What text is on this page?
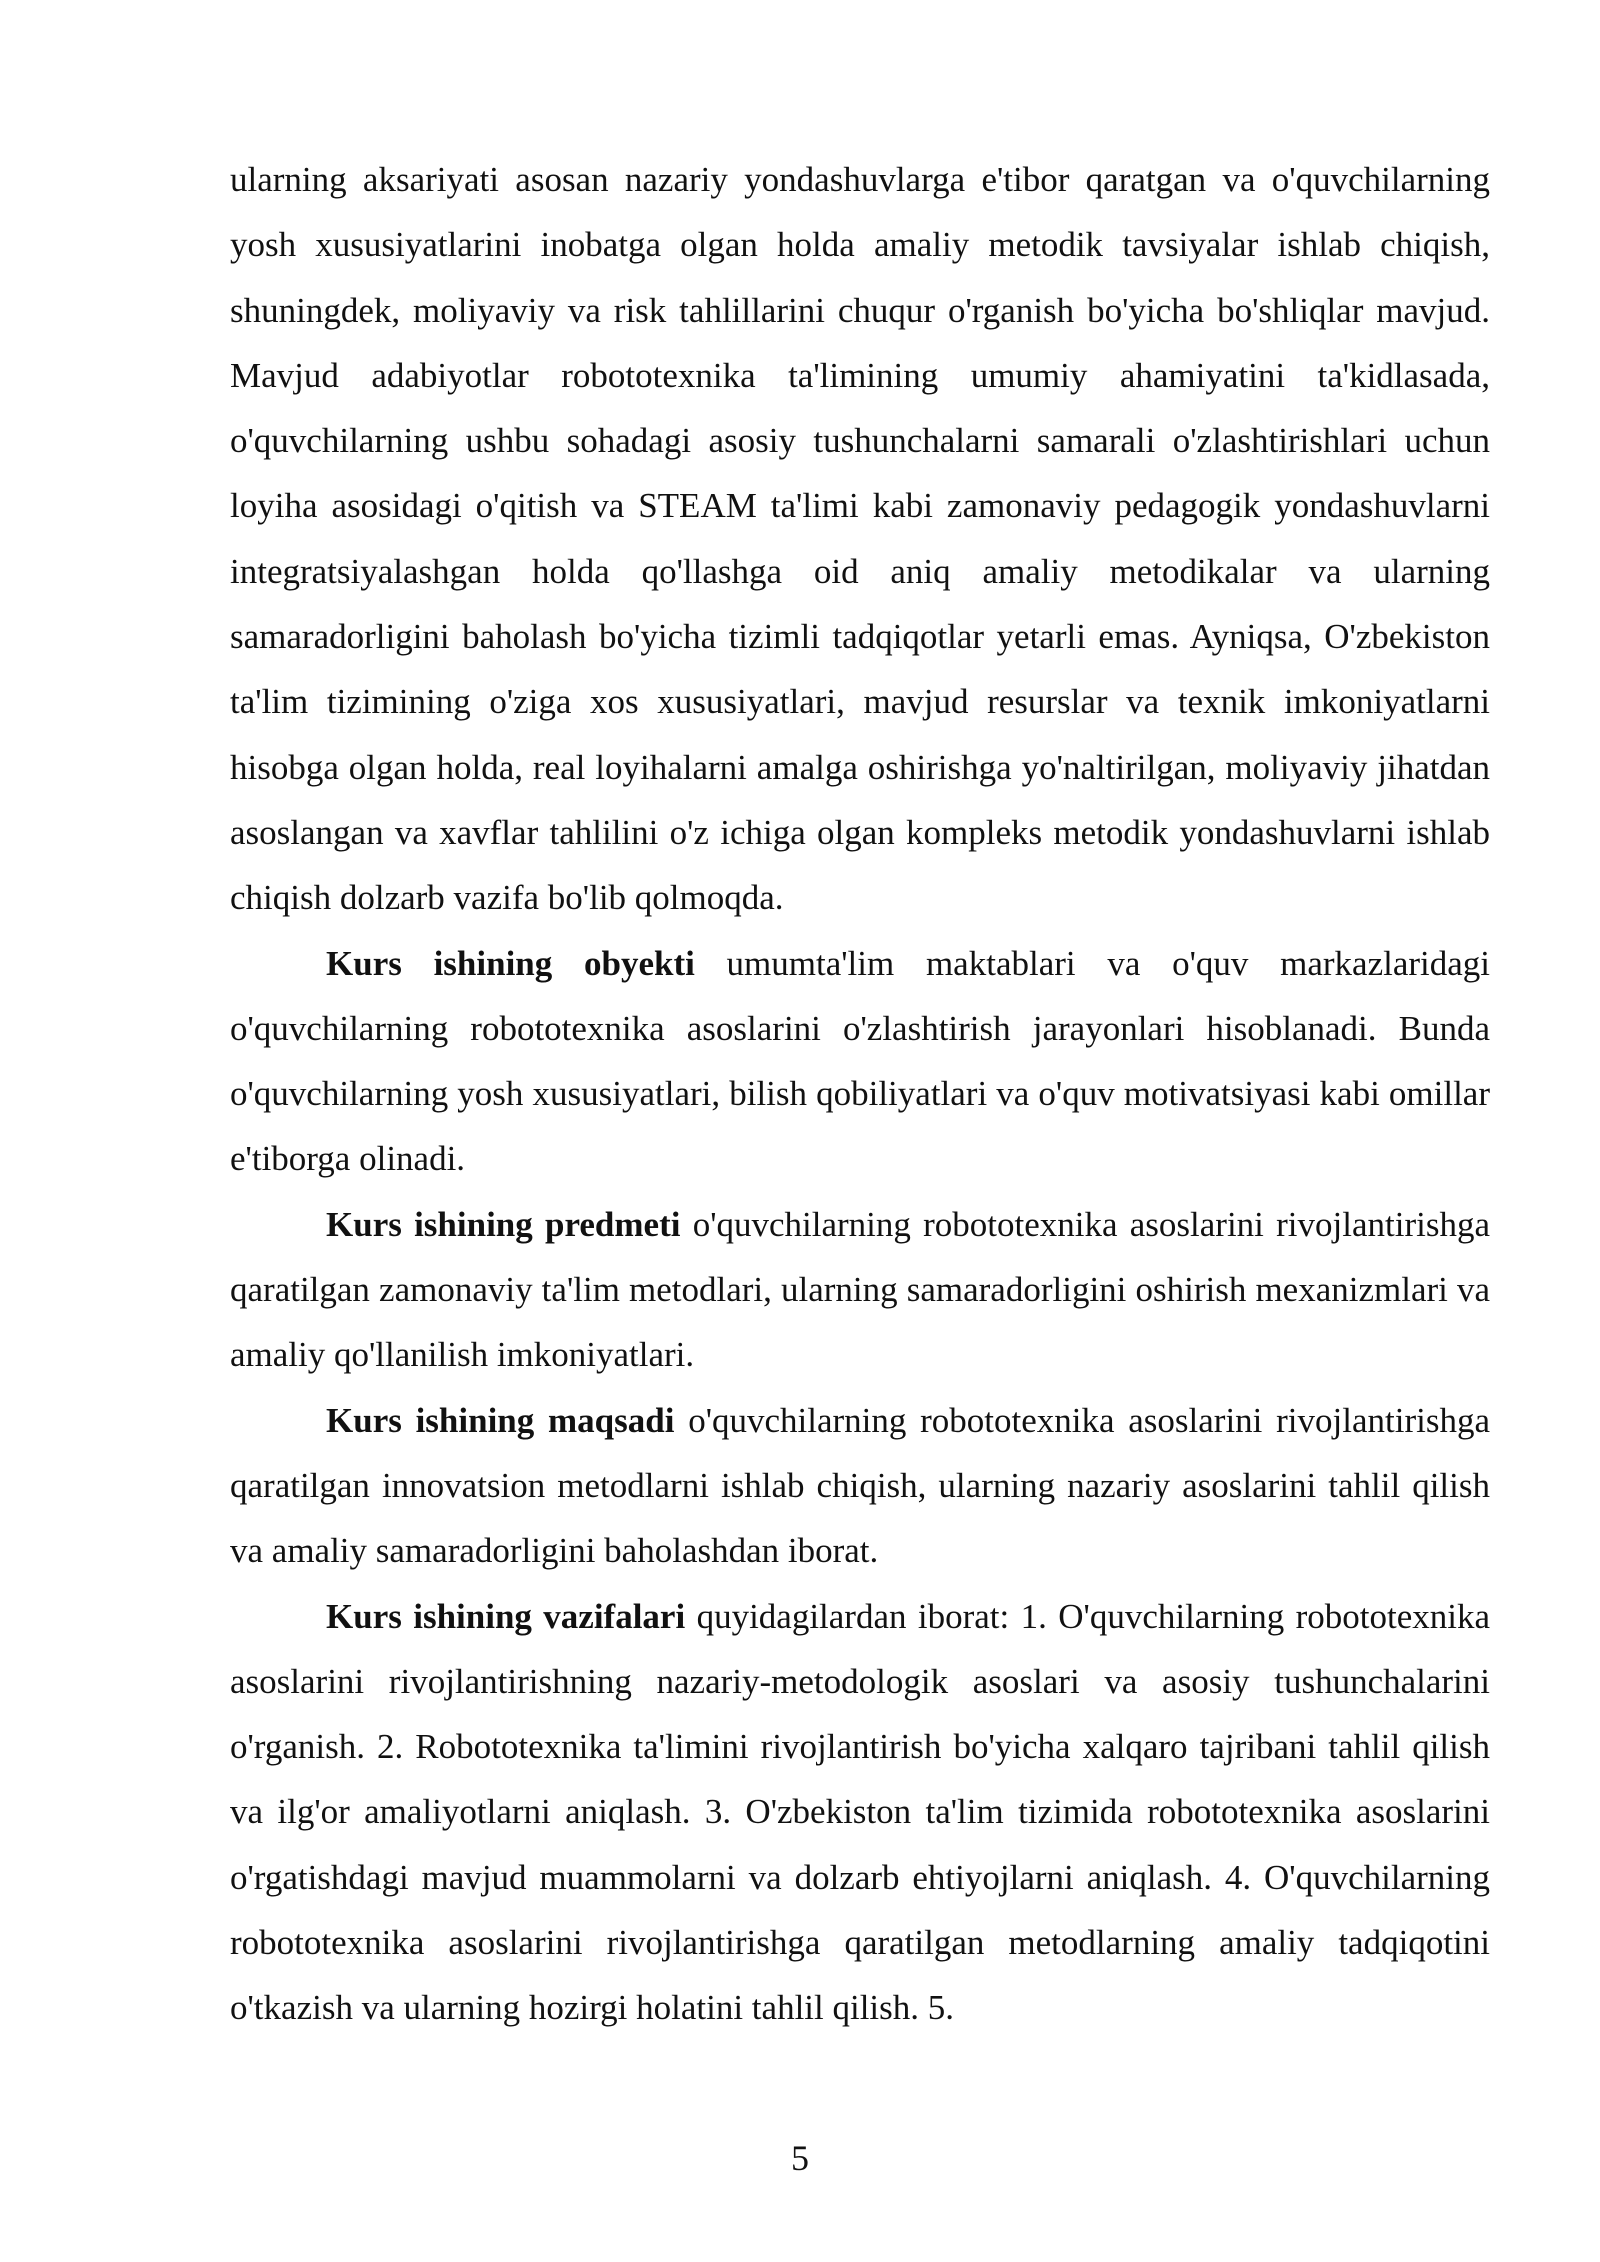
ularning aksariyati asosan nazariy yondashuvlarga e'tibor qaratgan va o'quvchilarning yosh xususiyatlarini inobatga olgan holda amaliy metodik tavsiyalar ishlab chiqish, shuningdek, moliyaviy va risk tahlillarini chuqur o'rganish bo'yicha bo'shliqlar mavjud. Mavjud adabiyotlar robototexnika ta'limining umumiy ahamiyatini ta'kidlasada, o'quvchilarning ushbu sohadagi asosiy tushunchalarni samarali o'zlashtirishlari uchun loyiha asosidagi o'qitish va STEAM ta'limi kabi zamonaviy pedagogik yondashuvlarni integratsiyalashgan holda qo'llashga oid aniq amaliy metodikalar va ularning samaradorligini baholash bo'yicha tizimli tadqiqotlar yetarli emas. Ayniqsa, O'zbekiston ta'lim tizimining o'ziga xos xususiyatlari, mavjud resurslar va texnik imkoniyatlarni hisobga olgan holda, real loyihalarni amalga oshirishga yo'naltirilgan, moliyaviy jihatdan asoslangan va xavflar tahlilini o'z ichiga olgan kompleks metodik yondashuvlarni ishlab chiqish dolzarb vazifa bo'lib qolmoqda.

Kurs ishining obyekti umumta'lim maktablari va o'quv markazlaridagi o'quvchilarning robototexnika asoslarini o'zlashtirish jarayonlari hisoblanadi. Bunda o'quvchilarning yosh xususiyatlari, bilish qobiliyatlari va o'quv motivatsiyasi kabi omillar e'tiborga olinadi.

Kurs ishining predmeti o'quvchilarning robototexnika asoslarini rivojlantirishga qaratilgan zamonaviy ta'lim metodlari, ularning samaradorligini oshirish mexanizmlari va amaliy qo'llanilish imkoniyatlari.

Kurs ishining maqsadi o'quvchilarning robototexnika asoslarini rivojlantirishga qaratilgan innovatsion metodlarni ishlab chiqish, ularning nazariy asoslarini tahlil qilish va amaliy samaradorligini baholashdan iborat.

Kurs ishining vazifalari quyidagilardan iborat: 1. O'quvchilarning robototexnika asoslarini rivojlantirishning nazariy-metodologik asoslari va asosiy tushunchalarini o'rganish. 2. Robototexnika ta'limini rivojlantirish bo'yicha xalqaro tajribani tahlil qilish va ilg'or amaliyotlarni aniqlash. 3. O'zbekiston ta'lim tizimida robototexnika asoslarini o'rgatishdagi mavjud muammolarni va dolzarb ehtiyojlarni aniqlash. 4. O'quvchilarning robototexnika asoslarini rivojlantirishga qaratilgan metodlarning amaliy tadqiqotini o'tkazish va ularning hozirgi holatini tahlil qilish. 5.

5
